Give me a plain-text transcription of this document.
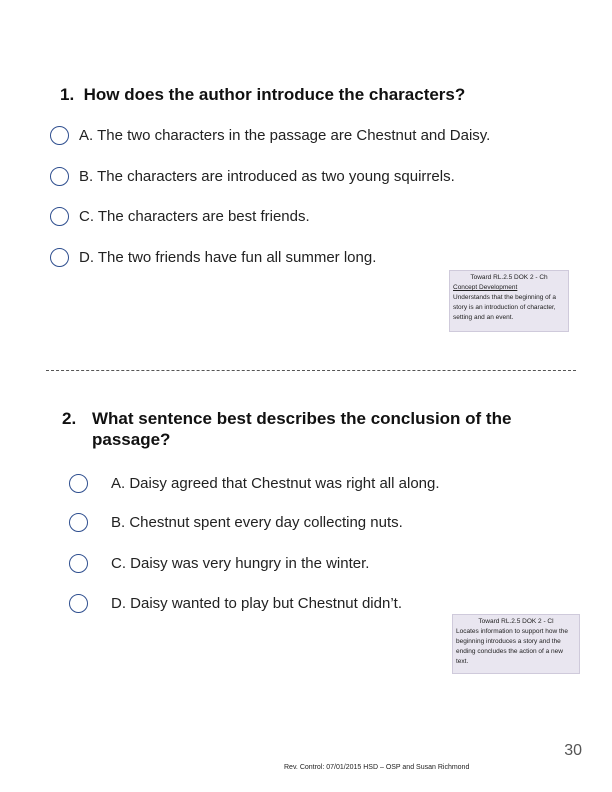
1. How does the author introduce the characters?
A. The two characters in the passage are Chestnut and Daisy.
B. The characters are introduced as two young squirrels.
C. The characters are best friends.
D. The two friends have fun all summer long.
Toward RL.2.5 DOK 2 - Ch
Concept Development
Understands that the beginning of a story is an introduction of character, setting and an event.
2. What sentence best describes the conclusion of the passage?
A. Daisy agreed that Chestnut was right all along.
B. Chestnut spent every day collecting nuts.
C. Daisy was very hungry in the winter.
D. Daisy wanted to play but Chestnut didn’t.
Toward RL.2.5 DOK 2 - Cl
Locates information to support how the beginning introduces a story and the ending concludes the action of a new text.
30
Rev. Control: 07/01/2015 HSD – OSP and Susan Richmond
